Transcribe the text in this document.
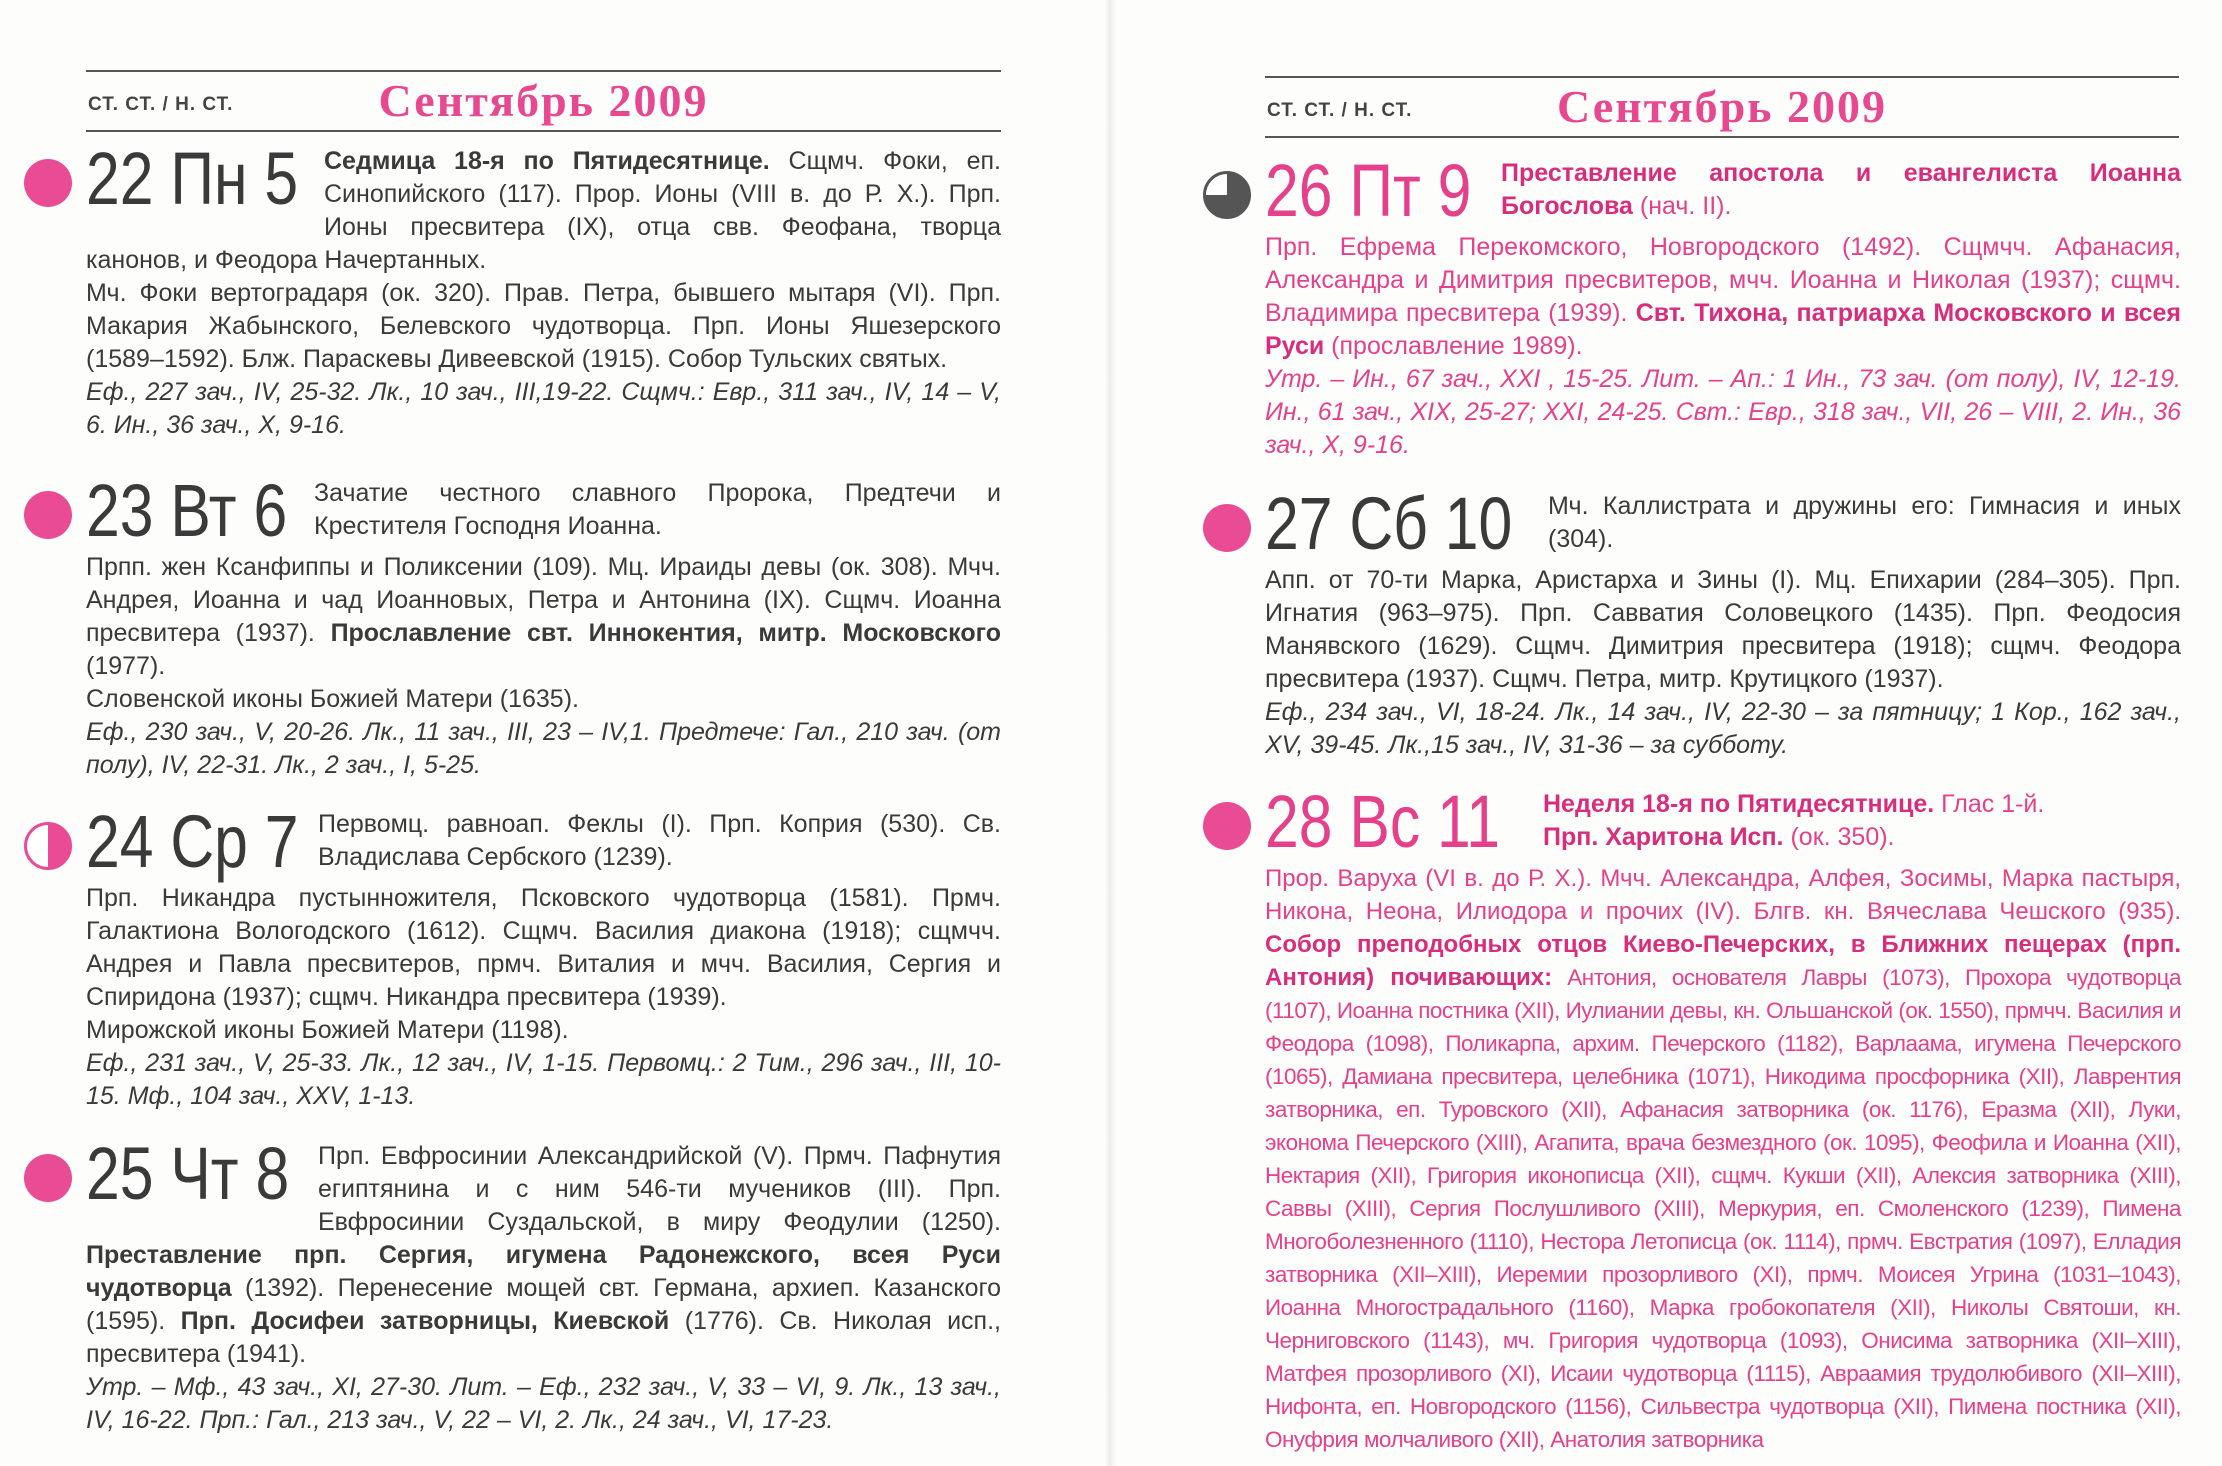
СТ. СТ. / Н. СТ.	Сентябрь 2009
22 Пн 5 Седмица 18-я по Пятидесятнице. Сщмч. Фоки, еп. Синопийского (117). Прор. Ионы (VIII в. до Р. Х.). Прп. Ионы пресвитера (IX), отца свв. Феофана, творца канонов, и Феодора Начертанных.

Мч. Фоки вертоградаря (ок. 320). Прав. Петра, бывшего мытаря (VI). Прп. Макария Жабынского, Белевского чудотворца. Прп. Ионы Яшезерского (1589–1592). Блж. Параскевы Дивеевской (1915). Собор Тульских святых.

Еф., 227 зач., IV, 25-32. Лк., 10 зач., III,19-22. Сщмч.: Евр., 311 зач., IV, 14 – V, 6. Ин., 36 зач., X, 9-16.

23 Вт 6 Зачатие честного славного Пророка, Предтечи и Крестителя Господня Иоанна.

Прпп. жен Ксанфиппы и Поликсении (109). Мц. Ираиды девы (ок. 308). Мчч. Андрея, Иоанна и чад Иоанновых, Петра и Антонина (IX). Сщмч. Иоанна пресвитера (1937). Прославление свт. Иннокентия, митр. Московского (1977).

Словенской иконы Божией Матери (1635).

Еф., 230 зач., V, 20-26. Лк., 11 зач., III, 23 – IV,1. Предтече: Гал., 210 зач. (от полу), IV, 22-31. Лк., 2 зач., I, 5-25.

24 Ср 7 Первомц. равноап. Феклы (I). Прп. Коприя (530). Св. Владислава Сербского (1239).

Прп. Никандра пустынножителя, Псковского чудотворца (1581). Прмч. Галактиона Вологодского (1612). Сщмч. Василия диакона (1918); сщмчч. Андрея и Павла пресвитеров, прмч. Виталия и мчч. Василия, Сергия и Спиридона (1937); сщмч. Никандра пресвитера (1939).

Мирожской иконы Божией Матери (1198).

Еф., 231 зач., V, 25-33. Лк., 12 зач., IV, 1-15. Первомц.: 2 Тим., 296 зач., III, 10-15. Мф., 104 зач., XXV, 1-13.

25 Чт 8 Прп. Евфросинии Александрийской (V). Прмч. Пафнутия египтянина и с ним 546-ти мучеников (III). Прп. Евфросинии Суздальской, в миру Феодулии (1250). Преставление прп. Сергия, игумена Радонежского, всея Руси чудотворца (1392). Перенесение мощей свт. Германа, архиеп. Казанского (1595). Прп. Досифеи затворницы, Киевской (1776). Св. Николая исп., пресвитера (1941).

Утр. – Мф., 43 зач., XI, 27-30. Лит. – Еф., 232 зач., V, 33 – VI, 9. Лк., 13 зач., IV, 16-22. Прп.: Гал., 213 зач., V, 22 – VI, 2. Лк., 24 зач., VI, 17-23.

СТ. СТ. / Н. СТ.	Сентябрь 2009
26 Пт 9 Преставление апостола и евангелиста Иоанна Богослова (нач. II).

Прп. Ефрема Перекомского, Новгородского (1492). Сщмчч. Афанасия, Александра и Димитрия пресвитеров, мчч. Иоанна и Николая (1937); сщмч. Владимира пресвитера (1939). Свт. Тихона, патриарха Московского и всея Руси (прославление 1989).

Утр. – Ин., 67 зач., XXI , 15-25. Лит. – Ап.: 1 Ин., 73 зач. (от полу), IV, 12-19. Ин., 61 зач., XIX, 25-27; XXI, 24-25. Свт.: Евр., 318 зач., VII, 26 – VIII, 2. Ин., 36 зач., X, 9-16.

27 Сб 10 Мч. Каллистрата и дружины его: Гимнасия и иных (304).

Апп. от 70-ти Марка, Аристарха и Зины (I). Мц. Епихарии (284–305). Прп. Игнатия (963–975). Прп. Савватия Соловецкого (1435). Прп. Феодосия Манявского (1629). Сщмч. Димитрия пресвитера (1918); сщмч. Феодора пресвитера (1937). Сщмч. Петра, митр. Крутицкого (1937).

Еф., 234 зач., VI, 18-24. Лк., 14 зач., IV, 22-30 – за пятницу; 1 Кор., 162 зач., XV, 39-45. Лк.,15 зач., IV, 31-36 – за субботу.

28 Вс 11 Неделя 18-я по Пятидесятнице. Глас 1-й.
Прп. Харитона Исп. (ок. 350).

Прор. Варуха (VI в. до Р. Х.). Мчч. Александра, Алфея, Зосимы, Марка пастыря, Никона, Неона, Илиодора и прочих (IV). Блгв. кн. Вячеслава Чешского (935). Собор преподобных отцов Киево-Печерских, в Ближних пещерах (прп. Антония) почивающих: Антония, основателя Лавры (1073), Прохора чудотворца (1107), Иоанна постника (XII), Иулиании девы, кн. Ольшанской (ок. 1550), прмчч. Василия и Феодора (1098), Поликарпа, архим. Печерского (1182), Варлаама, игумена Печерского (1065), Дамиана пресвитера, целебника (1071), Никодима просфорника (XII), Лаврентия затворника, еп. Туровского (XII), Афанасия затворника (ок. 1176), Еразма (XII), Луки, эконома Печерского (XIII), Агапита, врача безмездного (ок. 1095), Феофила и Иоанна (XII), Нектария (XII), Григория иконописца (XII), сщмч. Кукши (XII), Алексия затворника (XIII), Саввы (XIII), Сергия Послушливого (XIII), Меркурия, еп. Смоленского (1239), Пимена Многоболезненного (1110), Нестора Летописца (ок. 1114), прмч. Евстратия (1097), Елладия затворника (XII–XIII), Иеремии прозорливого (XI), прмч. Моисея Угрина (1031–1043), Иоанна Многострадального (1160), Марка гробокопателя (XII), Николы Святоши, кн. Черниговского (1143), мч. Григория чудотворца (1093), Онисима затворника (XII–XIII), Матфея прозорливого (XI), Исаии чудотворца (1115), Авраамия трудолюбивого (XII–XIII), Нифонта, еп. Новгородского (1156), Сильвестра чудотворца (XII), Пимена постника (XII), Онуфрия молчаливого (XII), Анатолия затворника
